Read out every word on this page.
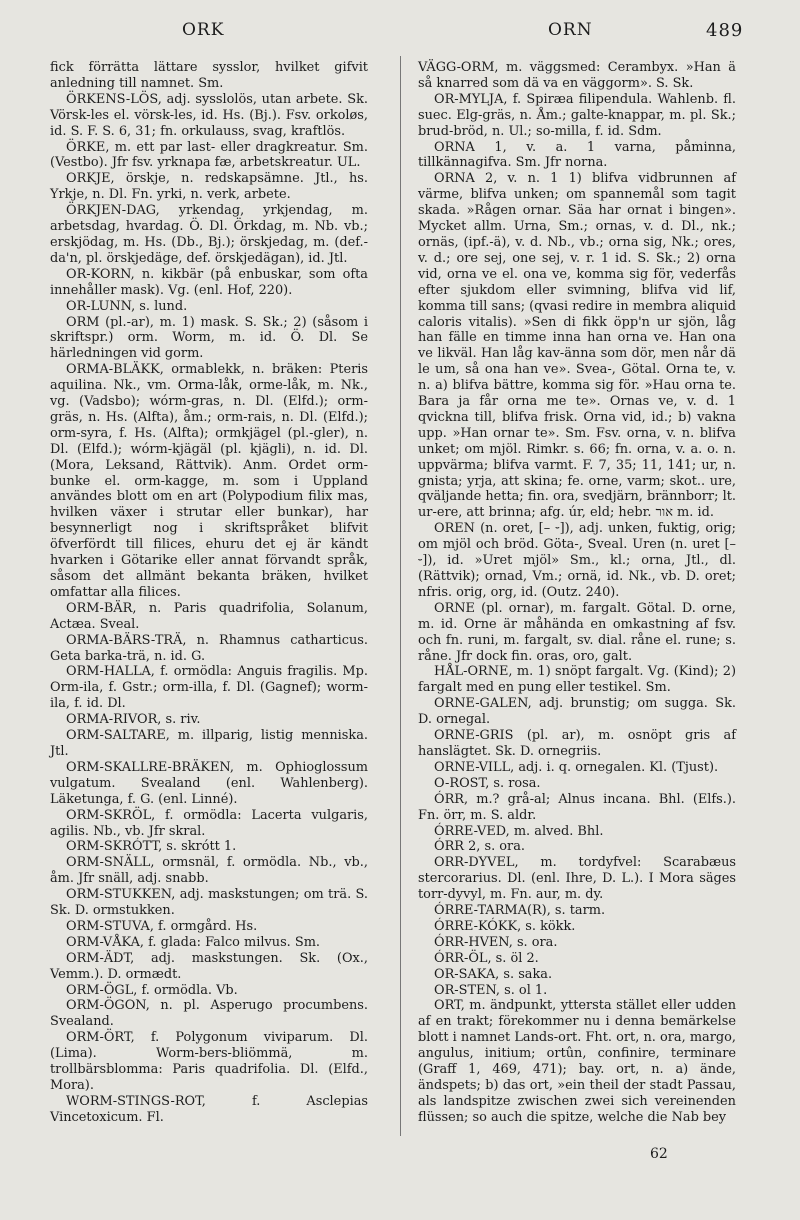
ORK	ORN	489

fick förrätta lättare sysslor, hvilket gifvit anledning till namnet. Sm.

ÖRKENS-LÖS, adj. sysslolös, utan arbete. Sk. Vörsk-les el. vörsk-les, id. Hs. (Bj.). Fsv. orkoløs, id. S. F. S. 6, 31; fn. orkulauss, svag, kraftlös.

ÖRKE, m. ett par last- eller dragkreatur. Sm. (Vestbo). Jfr fsv. yrknapa fæ, arbetskreatur. UL.

ORKJE, örskje, n. redskapsämne. Jtl., hs. Yrkje, n. Dl. Fn. yrki, n. verk, arbete.

ÖRKJEN-DAG, yrkendag, yrkjendag, m. arbetsdag, hvardag. Ö. Dl. Örkdag, m. Nb. vb.; erskjödag, m. Hs. (Db., Bj.); örskjedag, m. (def.-da'n, pl. örskjedäge, def. örskjedägan), id. Jtl.

OR-KORN, n. kikbär (på enbuskar, som ofta innehåller mask). Vg. (enl. Hof, 220).

OR-LUNN, s. lund.

ORM (pl.-ar), m. 1) mask. S. Sk.; 2) (såsom i skriftspr.) orm. Worm, m. id. Ö. Dl. Se härledningen vid gorm.

ORMA-BLÄKK, ormablekk, n. bräken: Pteris aquilina. Nk., vm. Orma-låk, orme-låk, m. Nk., vg. (Vadsbo); wórm-gras, n. Dl. (Elfd.); orm-gräs, n. Hs. (Alfta), åm.; orm-rais, n. Dl. (Elfd.); orm-syra, f. Hs. (Alfta); ormkjägel (pl.-gler), n. Dl. (Elfd.); wórm-kjägäl (pl. kjägli), n. id. Dl. (Mora, Leksand, Rättvik). Anm. Ordet orm-bunke el. orm-kagge, m. som i Uppland användes blott om en art (Polypodium filix mas, hvilken växer i strutar eller bunkar), har besynnerligt nog i skriftspråket blifvit öfverfördt till filices, ehuru det ej är kändt hvarken i Götarike eller annat förvandt språk, såsom det allmänt bekanta bräken, hvilket omfattar alla filices.

ORM-BÄR, n. Paris quadrifolia, Solanum, Actæa. Sveal.

ORMA-BÄRS-TRÄ, n. Rhamnus catharticus. Geta barka-trä, n. id. G.

ORM-HALLA, f. ormödla: Anguis fragilis. Mp. Orm-ila, f. Gstr.; orm-illa, f. Dl. (Gagnef); worm-ila, f. id. Dl.

ORMA-RIVOR, s. riv.

ORM-SALTARE, m. illparig, listig menniska. Jtl.

ORM-SKALLRE-BRÄKEN, m. Ophioglossum vulgatum. Svealand (enl. Wahlenberg). Läketunga, f. G. (enl. Linné).

ORM-SKRÖL, f. ormödla: Lacerta vulgaris, agilis. Nb., vb. Jfr skral.

ORM-SKRÓTT, s. skrótt 1.

ORM-SNÄLL, ormsnäl, f. ormödla. Nb., vb., åm. Jfr snäll, adj. snabb.

ORM-STUKKEN, adj. maskstungen; om trä. S. Sk. D. ormstukken.

ORM-STUVA, f. ormgård. Hs.

ORM-VÅKA, f. glada: Falco milvus. Sm.

ORM-ÄDT, adj. maskstungen. Sk. (Ox., Vemm.). D. ormædt.

ORM-ÖGL, f. ormödla. Vb.

ORM-ÖGON, n. pl. Asperugo procumbens. Svealand.

ORM-ÖRT, f. Polygonum viviparum. Dl. (Lima). Worm-bers-bliömmä, m. trollbärsblomma: Paris quadrifolia. Dl. (Elfd., Mora).

WORM-STINGS-ROT, f. Asclepias Vincetoxicum. Fl.

VÄGG-ORM, m. väggsmed: Cerambyx. »Han ä så knarred som dä va en väggorm». S. Sk.

OR-MYLJA, f. Spiræa filipendula. Wahlenb. fl. suec. Elg-gräs, n. Åm.; galte-knappar, m. pl. Sk.; brud-bröd, n. Ul.; so-milla, f. id. Sdm.

ORNA 1, v. a. 1 varna, påminna, tillkännagifva. Sm. Jfr norna.

ORNA 2, v. n. 1 1) blifva vidbrunnen af värme, blifva unken; om spannemål som tagit skada. »Rågen ornar. Säa har ornat i bingen». Mycket allm. Urna, Sm.; ornas, v. d. Dl., nk.; ornäs, (ipf.-ä), v. d. Nb., vb.; orna sig, Nk.; ores, v. d.; ore sej, one sej, v. r. 1 id. S. Sk.; 2) orna vid, orna ve el. ona ve, komma sig för, vederfås efter sjukdom eller svimning, blifva vid lif, komma till sans; (qvasi redire in membra aliquid caloris vitalis). »Sen di fikk öpp'n ur sjön, låg han fälle en timme inna han orna ve. Han ona ve likväl. Han låg kav-änna som dör, men når dä le um, så ona han ve». Svea-, Götal. Orna te, v. n. a) blifva bättre, komma sig för. »Hau orna te. Bara ja får orna me te». Ornas ve, v. d. 1 qvickna till, blifva frisk. Orna vid, id.; b) vakna upp. »Han ornar te». Sm. Fsv. orna, v. n. blifva unket; om mjöl. Rimkr. s. 66; fn. orna, v. a. o. n. uppvärma; blifva varmt. F. 7, 35; 11, 141; ur, n. gnista; yrja, att skina; fe. orne, varm; skot.. ure, qväljande hetta; fin. ora, svedjärn, brännborr; lt. ur-ere, att brinna; afg. úr, eld; hebr. אור m. id.

OREN (n. oret, [– ⏑]), adj. unken, fuktig, orig; om mjöl och bröd. Göta-, Sveal. Uren (n. uret [– ⏑]), id. »Uret mjöl» Sm., kl.; orna, Jtl., dl. (Rättvik); ornad, Vm.; ornä, id. Nk., vb. D. oret; nfris. orig, org, id. (Outz. 240).

ORNE (pl. ornar), m. fargalt. Götal. D. orne, m. id. Orne är måhända en omkastning af fsv. och fn. runi, m. fargalt, sv. dial. råne el. rune; s. råne. Jfr dock fin. oras, oro, galt.

HÅL-ORNE, m. 1) snöpt fargalt. Vg. (Kind); 2) fargalt med en pung eller testikel. Sm.

ORNE-GALEN, adj. brunstig; om sugga. Sk. D. ornegal.

ORNE-GRIS (pl. ar), m. osnöpt gris af hanslägtet. Sk. D. ornegriis.

ORNE-VILL, adj. i. q. ornegalen. Kl. (Tjust).

O-ROST, s. rosa.

ÓRR, m.? grå-al; Alnus incana. Bhl. (Elfs.). Fn. örr, m. S. aldr.

ÓRRE-VED, m. alved. Bhl.

ÓRR 2, s. ora.

ORR-DYVEL, m. tordyfvel: Scarabæus stercorarius. Dl. (enl. Ihre, D. L.). I Mora säges torr-dyvyl, m. Fn. aur, m. dy.

ÓRRE-TARMA(R), s. tarm.

ÓRRE-KÓKK, s. kökk.

ÓRR-HVEN, s. ora.

ÓRR-ÖL, s. öl 2.

OR-SAKA, s. saka.

OR-STEN, s. ol 1.

ORT, m. ändpunkt, yttersta stället eller udden af en trakt; förekommer nu i denna bemärkelse blott i namnet Lands-ort. Fht. ort, n. ora, margo, angulus, initium; ortûn, confinire, terminare (Graff 1, 469, 471); bay. ort, n. a) ände, ändspets; b) das ort, »ein theil der stadt Passau, als landspitze zwischen zwei sich vereinenden flüssen; so auch die spitze, welche die Nab bey

62
